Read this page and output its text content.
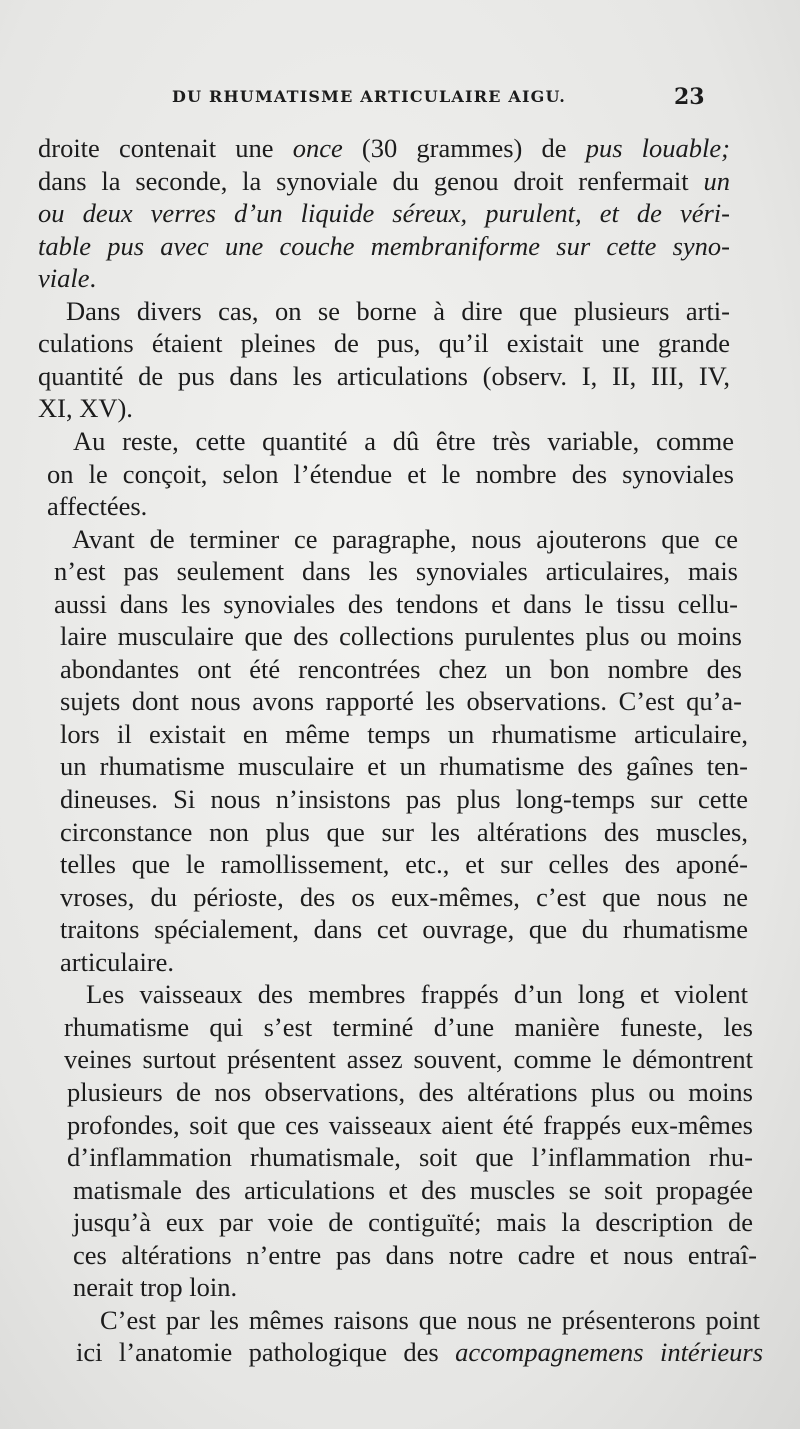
DU RHUMATISME ARTICULAIRE AIGU.	23
droite contenait une once (30 grammes) de pus louable;
dans la seconde, la synoviale du genou droit renfermait un
ou deux verres d’un liquide séreux, purulent, et de véri-
table pus avec une couche membraniforme sur cette syno-
viale.
Dans divers cas, on se borne à dire que plusieurs arti-
culations étaient pleines de pus, qu’il existait une grande
quantité de pus dans les articulations (observ. I, II, III, IV,
XI, XV).
Au reste, cette quantité a dû être très variable, comme
on le conçoit, selon l’étendue et le nombre des synoviales
affectées.
Avant de terminer ce paragraphe, nous ajouterons que ce
n’est pas seulement dans les synoviales articulaires, mais
aussi dans les synoviales des tendons et dans le tissu cellu-
laire musculaire que des collections purulentes plus ou moins
abondantes ont été rencontrées chez un bon nombre des
sujets dont nous avons rapporté les observations. C’est qu’a-
lors il existait en même temps un rhumatisme articulaire,
un rhumatisme musculaire et un rhumatisme des gaînes ten-
dineuses. Si nous n’insistons pas plus long-temps sur cette
circonstance non plus que sur les altérations des muscles,
telles que le ramollissement, etc., et sur celles des aponé-
vroses, du périoste, des os eux-mêmes, c’est que nous ne
traitons spécialement, dans cet ouvrage, que du rhumatisme
articulaire.
Les vaisseaux des membres frappés d’un long et violent
rhumatisme qui s’est terminé d’une manière funeste, les
veines surtout présentent assez souvent, comme le démontrent
plusieurs de nos observations, des altérations plus ou moins
profondes, soit que ces vaisseaux aient été frappés eux-mêmes
d’inflammation rhumatismale, soit que l’inflammation rhu-
matismale des articulations et des muscles se soit propagée
jusqu’à eux par voie de contiguïté; mais la description de
ces altérations n’entre pas dans notre cadre et nous entraî-
nerait trop loin.
C’est par les mêmes raisons que nous ne présenterons point
ici l’anatomie pathologique des accompagnemens intérieurs
